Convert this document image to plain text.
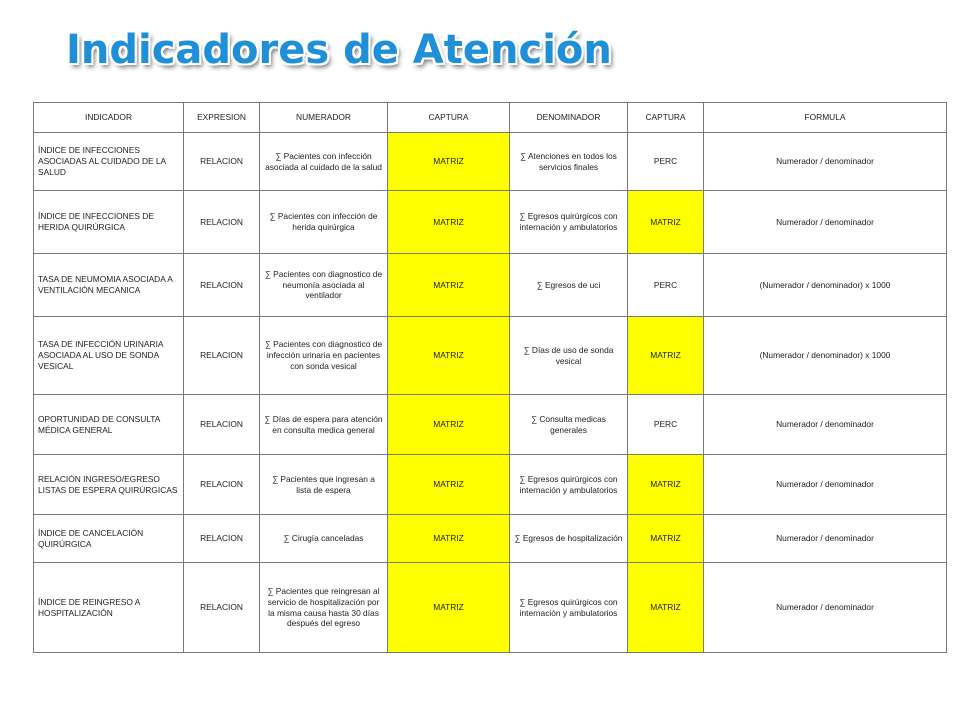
Indicadores de Atención
INDICADOR	EXPRESION	NUMERADOR	CAPTURA	DENOMINADOR	CAPTURA	FORMULA
ÍNDICE DE INFECCIONES ASOCIADAS AL CUIDADO DE LA SALUD	RELACION	∑ Pacientes con infección asociada al cuidado de la salud	MATRIZ	∑ Atenciones en todos los servicios finales	PERC	Numerador / denominador
ÍNDICE DE INFECCIONES DE HERIDA QUIRÚRGICA	RELACION	∑ Pacientes con infección de herida quirúrgica	MATRIZ	∑ Egresos quirúrgicos con internación y ambulatorios	MATRIZ	Numerador / denominador
TASA DE NEUMOMIA ASOCIADA A VENTILACIÓN MECANICA	RELACION	∑ Pacientes con diagnostico de neumonía asociada al ventilador	MATRIZ	∑ Egresos de uci	PERC	(Numerador / denominador) x 1000
TASA DE INFECCIÓN URINARIA ASOCIADA AL USO DE SONDA VESICAL	RELACION	∑ Pacientes con diagnostico de infección urinaria en pacientes con sonda vesical	MATRIZ	∑ Días de uso de sonda vesical	MATRIZ	(Numerador / denominador) x 1000
OPORTUNIDAD DE CONSULTA MÉDICA GENERAL	RELACION	∑ Días de espera para atención en consulta medica general	MATRIZ	∑ Consulta medicas generales	PERC	Numerador / denominador
RELACIÓN INGRESO/EGRESO LISTAS DE ESPERA QUIRÚRGICAS	RELACION	∑ Pacientes que ingresan a lista de espera	MATRIZ	∑ Egresos quirúrgicos con internación y ambulatorios	MATRIZ	Numerador / denominador
ÍNDICE DE CANCELACIÓN QUIRÚRGICA	RELACION	∑ Cirugía canceladas	MATRIZ	∑ Egresos de hospitalización	MATRIZ	Numerador / denominador
ÍNDICE DE REINGRESO A HOSPITALIZACIÓN	RELACION	∑ Pacientes que reingresan al servicio de hospitalización por la misma causa hasta 30 días después del egreso	MATRIZ	∑ Egresos quirúrgicos con internación y ambulatorios	MATRIZ	Numerador / denominador
